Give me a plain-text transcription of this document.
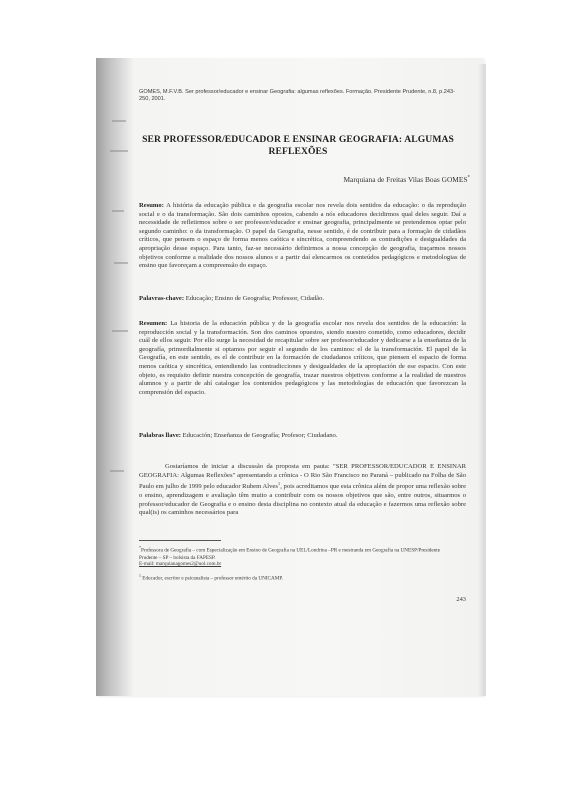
GOMES, M.F.V.B. Ser professor/educador e ensinar Geografia: algumas reflexões. Formação. Presidente Prudente, n.8, p.243-250, 2001.
SER PROFESSOR/EDUCADOR E ENSINAR GEOGRAFIA: ALGUMAS REFLEXÕES
Marquiana de Freitas Vilas Boas GOMES*
Resumo: A história da educação pública e da geografia escolar nos revela dois sentidos da educação: o da reprodução social e o da transformação. São dois caminhos opostos, cabendo a nós educadores decidirmos qual deles seguir. Daí a necessidade de refletirmos sobre o ser professor/educador e ensinar geografia, principalmente se pretendemos optar pelo segundo caminho: o da transformação. O papel da Geografia, nesse sentido, é de contribuir para a formação de cidadãos críticos, que pensem o espaço de forma menos caótica e sincrética, compreendendo as contradições e desigualdades da apropriação desse espaço. Para tanto, faz-se necessário definirmos a nossa concepção de geografia, traçarmos nossos objetivos conforme a realidade dos nossos alunos e a partir daí elencarmos os conteúdos pedagógicos e metodologias de ensino que favoreçam a compreensão do espaço.
Palavras-chave: Educação; Ensino de Geografia; Professor, Cidadão.
Resumen: La historia de la educación pública y de la geografía escolar nos revela dos sentidos de la educación: la reproducción social y la transformación. Son dos caminos opuestos, siendo nuestro cometido, como educadores, decidir cuál de ellos seguir. Por ello surge la necesidad de recapitular sobre ser profesor/educador y dedicarse a la enseñanza de la geografía, primordialmente si optamos por seguir el segundo de los caminos: el de la transformación. El papel de la Geografía, en este sentido, es el de contribuir en la formación de ciudadanos críticos, que piensen el espacio de forma menos caótica y sincrética, entendiendo las contradicciones y desigualdades de la apropiación de ese espacio. Con este objeto, es requisito definir nuestra concepción de geografía, trazar nuestros objetivos conforme a la realidad de nuestros alumnos y a partir de ahí catalogar los contenidos pedagógicos y las metodologías de educación que favorezcan la comprensión del espacio.
Palabras llave: Educación; Enseñanza de Geografía; Profesor; Ciudadano.
Gostaríamos de iniciar a discussão da proposta em pauta: "SER PROFESSOR/EDUCADOR E ENSINAR GEOGRAFIA: Algumas Reflexões" apresentando a crônica - O Rio São Francisco no Paraná – publicado na Folha de São Paulo em julho de 1999 pelo educador Rubem Alves$^1$, pois acreditamos que esta crônica além de propor uma reflexão sobre o ensino, aprendizagem e avaliação têm muito a contribuir com os nossos objetivos que são, entre outros, situarmos o professor/educador de Geografia e o ensino desta disciplina no contexto atual da educação e fazermos uma reflexão sobre qual(is) os caminhos necessários para
*Professora de Geografia – com Especialização em Ensino de Geografia na UEL/Londrina –PR e mestranda em Geografia na UNESP/Presidente Prudente – SP – bolsista da FAPESP.
E-mail: marquianagomes2@uol.com.br
$^1$ Educador, escritor e psicanalista – professor emérito da UNICAMP.
243
